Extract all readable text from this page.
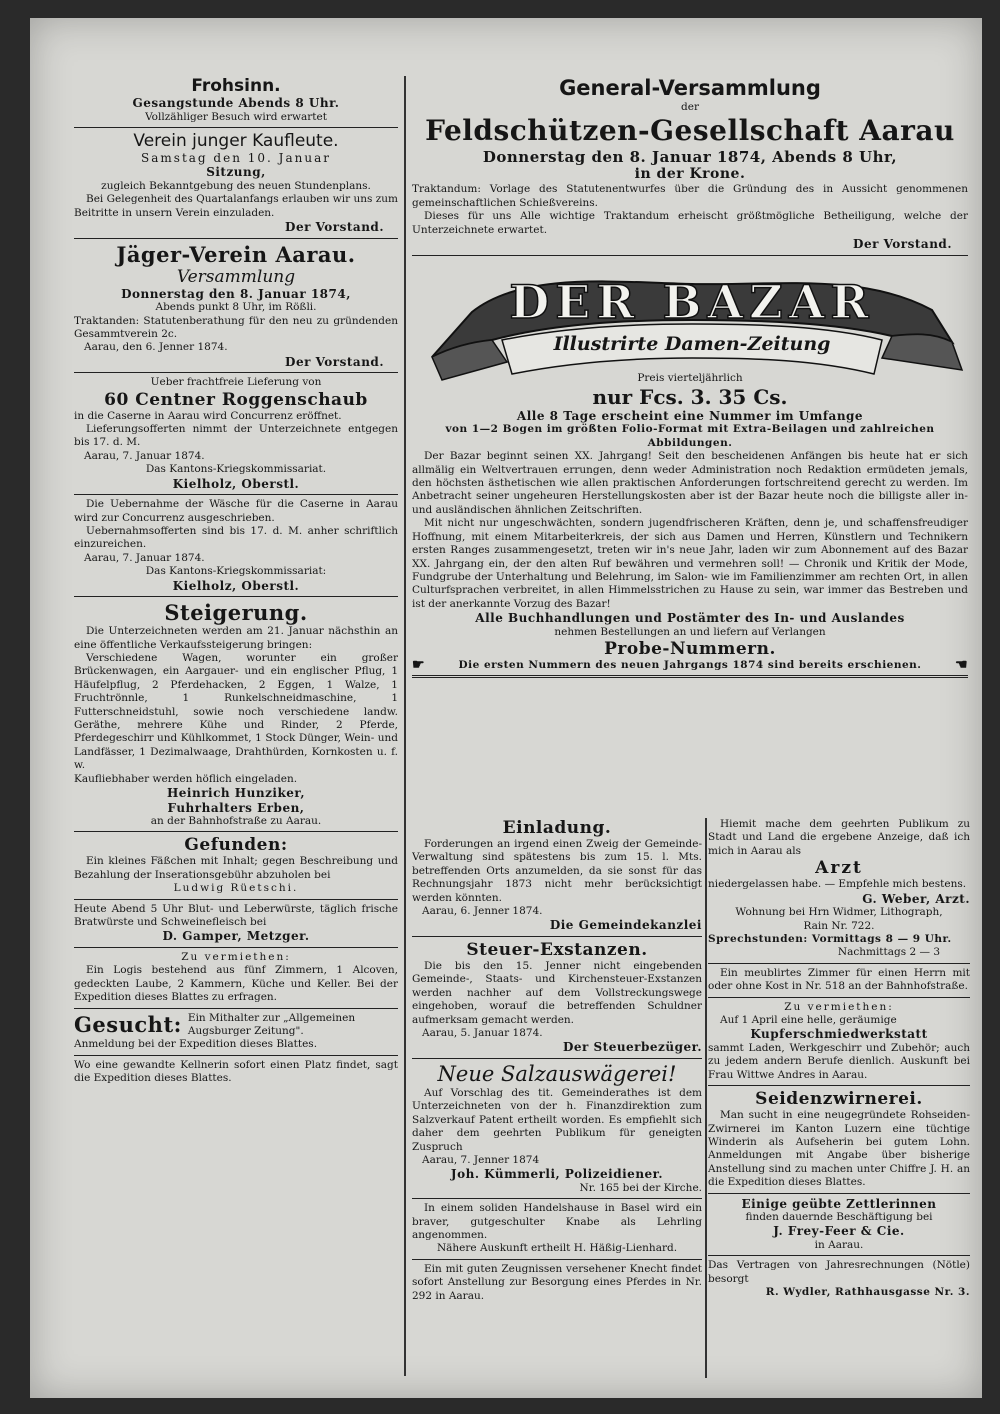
Frohsinn.
Gesangstunde Abends 8 Uhr.
Vollzähliger Besuch wird erwartet
Verein junger Kaufleute.
Samstag den 10. Januar
Sitzung,
zugleich Bekanntgebung des neuen Stundenplans.
Bei Gelegenheit des Quartalanfangs erlauben wir uns zum Beitritte in unsern Verein einzuladen.
Der Vorstand.
Jäger-Verein Aarau.
Versammlung
Donnerstag den 8. Januar 1874,
Abends punkt 8 Uhr, im Rößli.
Traktanden: Statutenberathung für den neu zu gründenden Gesammtverein 2c.
Aarau, den 6. Jenner 1874.
Der Vorstand.
Ueber frachtfreie Lieferung von
60 Centner Roggenschaub
in die Caserne in Aarau wird Concurrenz eröffnet.
Lieferungsofferten nimmt der Unterzeichnete entgegen bis 17. d. M.
Aarau, 7. Januar 1874.
Das Kantons-Kriegskommissariat.
Kielholz, Oberstl.
Die Uebernahme der Wäsche für die Caserne in Aarau wird zur Concurrenz ausgeschrieben.
Uebernahmsofferten sind bis 17. d. M. anher schriftlich einzureichen.
Aarau, 7. Januar 1874.
Das Kantons-Kriegskommissariat:
Kielholz, Oberstl.
Steigerung.
Die Unterzeichneten werden am 21. Januar nächsthin an eine öffentliche Verkaufssteigerung bringen:
Verschiedene Wagen, worunter ein großer Brückenwagen, ein Aargauer- und ein englischer Pflug, 1 Häufelpflug, 2 Pferdehacken, 2 Eggen, 1 Walze, 1 Fruchtrönnle, 1 Runkelschneidmaschine, 1 Futterschneidstuhl, sowie noch verschiedene landw. Geräthe, mehrere Kühe und Rinder, 2 Pferde, Pferdegeschirr und Kühlkommet, 1 Stock Dünger, Wein- und Landfässer, 1 Dezimalwaage, Drahthürden, Kornkosten u. f. w.
Kaufliebhaber werden höflich eingeladen.
Heinrich Hunziker,
Fuhrhalters Erben,
an der Bahnhofstraße zu Aarau.
Gefunden:
Ein kleines Fäßchen mit Inhalt; gegen Beschreibung und Bezahlung der Inserationsgebühr abzuholen bei
Ludwig Rüetschi.
Heute Abend 5 Uhr Blut- und Leberwürste, täglich frische Bratwürste und Schweinefleisch bei
D. Gamper, Metzger.
Zu vermiethen:
Ein Logis bestehend aus fünf Zimmern, 1 Alcoven, gedeckten Laube, 2 Kammern, Küche und Keller. Bei der Expedition dieses Blattes zu erfragen.
Gesucht: Ein Mithalter zur „Allgemeinen Augsburger Zeitung".
Anmeldung bei der Expedition dieses Blattes.
Wo eine gewandte Kellnerin sofort einen Platz findet, sagt die Expedition dieses Blattes.
General-Versammlung
der
Feldschützen-Gesellschaft Aarau
Donnerstag den 8. Januar 1874, Abends 8 Uhr,
in der Krone.
Traktandum: Vorlage des Statutenentwurfes über die Gründung des in Aussicht genommenen gemeinschaftlichen Schießvereins.
Dieses für uns Alle wichtige Traktandum erheischt größtmögliche Betheiligung, welche der Unterzeichnete erwartet.
Der Vorstand.
DER BAZAR
Illustrirte Damen-Zeitung
Preis vierteljährlich
nur Fcs. 3. 35 Cs.
Alle 8 Tage erscheint eine Nummer im Umfange
von 1—2 Bogen im größten Folio-Format mit Extra-Beilagen und zahlreichen Abbildungen.
Der Bazar beginnt seinen XX. Jahrgang! Seit den bescheidenen Anfängen bis heute hat er sich allmälig ein Weltvertrauen errungen, denn weder Administration noch Redaktion ermüdeten jemals, den höchsten ästhetischen wie allen praktischen Anforderungen fortschreitend gerecht zu werden. Im Anbetracht seiner ungeheuren Herstellungskosten aber ist der Bazar heute noch die billigste aller in- und ausländischen ähnlichen Zeitschriften.
Mit nicht nur ungeschwächten, sondern jugendfrischeren Kräften, denn je, und schaffensfreudiger Hoffnung, mit einem Mitarbeiterkreis, der sich aus Damen und Herren, Künstlern und Technikern ersten Ranges zusammengesetzt, treten wir in's neue Jahr, laden wir zum Abonnement auf des Bazar XX. Jahrgang ein, der den alten Ruf bewähren und vermehren soll! — Chronik und Kritik der Mode, Fundgrube der Unterhaltung und Belehrung, im Salon- wie im Familienzimmer am rechten Ort, in allen Culturfsprachen verbreitet, in allen Himmelsstrichen zu Hause zu sein, war immer das Bestreben und ist der anerkannte Vorzug des Bazar!
Alle Buchhandlungen und Postämter des In- und Auslandes
nehmen Bestellungen an und liefern auf Verlangen
Probe-Nummern.
☛	Die ersten Nummern des neuen Jahrgangs 1874 sind bereits erschienen. ☚
Einladung.
Forderungen an irgend einen Zweig der Gemeinde-Verwaltung sind spätestens bis zum 15. l. Mts. betreffenden Orts anzumelden, da sie sonst für das Rechnungsjahr 1873 nicht mehr berücksichtigt werden könnten.
Aarau, 6. Jenner 1874.
Die Gemeindekanzlei
Steuer-Exstanzen.
Die bis den 15. Jenner nicht eingebenden Gemeinde-, Staats- und Kirchensteuer-Exstanzen werden nachher auf dem Vollstreckungswege eingehoben, worauf die betreffenden Schuldner aufmerksam gemacht werden.
Aarau, 5. Januar 1874.
Der Steuerbezüger.
Neue Salzauswägerei!
Auf Vorschlag des tit. Gemeinderathes ist dem Unterzeichneten von der h. Finanzdirektion zum Salzverkauf Patent ertheilt worden. Es empfiehlt sich daher dem geehrten Publikum für geneigten Zuspruch
Aarau, 7. Jenner 1874
Joh. Kümmerli, Polizeidiener.
Nr. 165 bei der Kirche.
In einem soliden Handelshause in Basel wird ein braver, gutgeschulter Knabe als Lehrling angenommen.
Nähere Auskunft ertheilt H. Häßig-Lienhard.
Ein mit guten Zeugnissen versehener Knecht findet sofort Anstellung zur Besorgung eines Pferdes in Nr. 292 in Aarau.
Hiemit mache dem geehrten Publikum zu Stadt und Land die ergebene Anzeige, daß ich mich in Aarau als
Arzt
niedergelassen habe. — Empfehle mich bestens.
G. Weber, Arzt.
Wohnung bei Hrn Widmer, Lithograph,
Rain Nr. 722.
Sprechstunden: Vormittags 8 — 9 Uhr.
Nachmittags 2 — 3
Ein meublirtes Zimmer für einen Herrn mit oder ohne Kost in Nr. 518 an der Bahnhofstraße.
Zu vermiethen:
Auf 1 April eine helle, geräumige
Kupferschmiedwerkstatt
sammt Laden, Werkgeschirr und Zubehör; auch zu jedem andern Berufe dienlich. Auskunft bei Frau Wittwe Andres in Aarau.
Seidenzwirnerei.
Man sucht in eine neugegründete Rohseiden-Zwirnerei im Kanton Luzern eine tüchtige Winderin als Aufseherin bei gutem Lohn. Anmeldungen mit Angabe über bisherige Anstellung sind zu machen unter Chiffre J. H. an die Expedition dieses Blattes.
Einige geübte Zettlerinnen
finden dauernde Beschäftigung bei
J. Frey-Feer & Cie.
in Aarau.
Das Vertragen von Jahresrechnungen (Nötle) besorgt
R. Wydler, Rathhausgasse Nr. 3.
